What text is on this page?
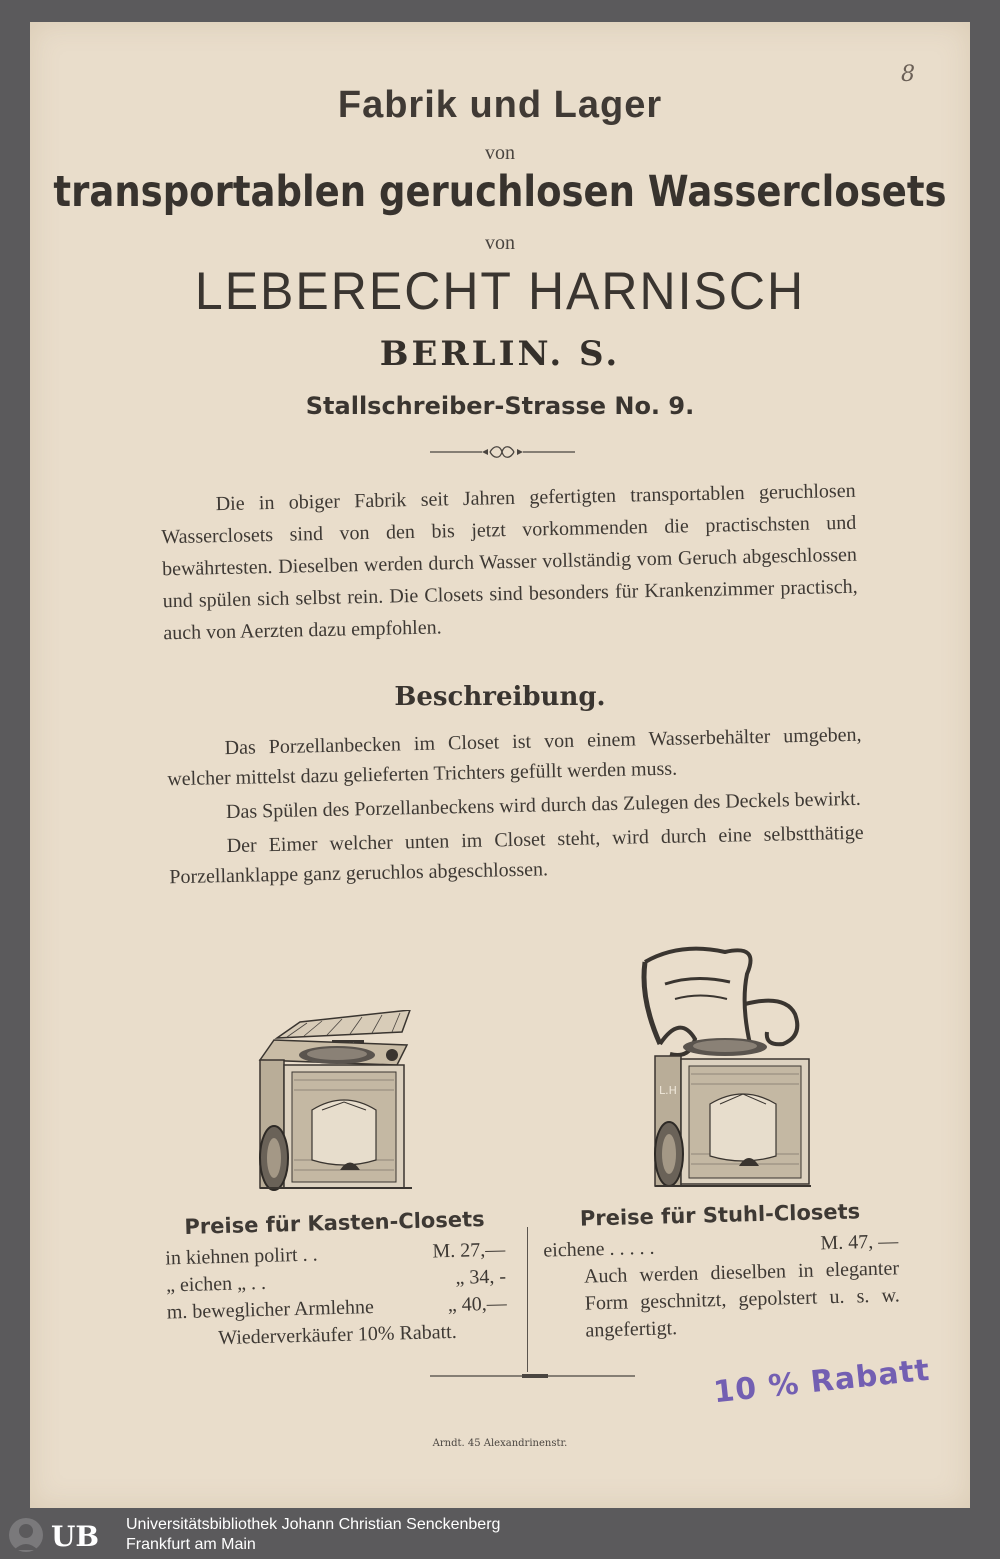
8
Fabrik und Lager
von
transportablen geruchlosen Wasserclosets
von
LEBERECHT HARNISCH
BERLIN. S.
Stallschreiber-Strasse No. 9.
Die in obiger Fabrik seit Jahren gefertigten transportablen geruchlosen Wasserclosets sind von den bis jetzt vorkommenden die practischsten und bewährtesten. Dieselben werden durch Wasser vollständig vom Geruch abgeschlossen und spülen sich selbst rein. Die Closets sind besonders für Krankenzimmer practisch, auch von Aerzten dazu empfohlen.
Beschreibung.

Das Porzellanbecken im Closet ist von einem Wasserbehälter umgeben, welcher mittelst dazu gelieferten Trichters gefüllt werden muss.

Das Spülen des Porzellanbeckens wird durch das Zulegen des Deckels bewirkt.

Der Eimer welcher unten im Closet steht, wird durch eine selbstthätige Porzellanklappe ganz geruchlos abgeschlossen.

L.H
Preise für Kasten-Closets
in kiehnen polirt . .	M. 27,—
„ eichen „ . .	„ 34, -
m. beweglicher Armlehne	„ 40,—
Wiederverkäufer 10% Rabatt.
Preise für Stuhl-Closets
eichene . . . . .	M. 47, —
Auch werden dieselben in eleganter Form geschnitzt, gepolstert u. s. w. angefertigt.
10 % Rabatt
Arndt. 45 Alexandrinenstr.
UB Universitätsbibliothek Johann Christian Senckenberg
Frankfurt am Main
